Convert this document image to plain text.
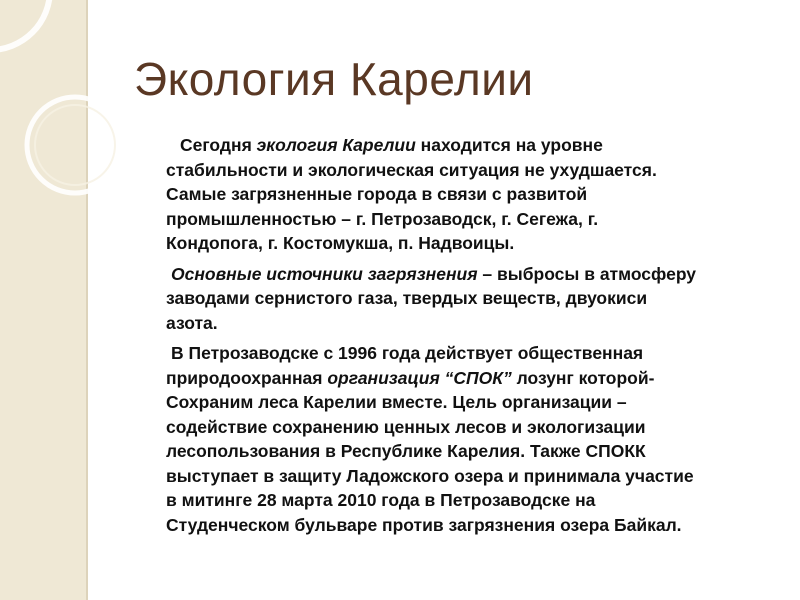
Экология Карелии

Сегодня экология Карелии находится на уровне
стабильности и экологическая ситуация не ухудшается.
Самые загрязненные города в связи с развитой
промышленностью – г. Петрозаводск, г. Сегежа, г.
Кондопога, г. Костомукша, п. Надвоицы.

Основные источники загрязнения – выбросы в атмосферу
заводами сернистого газа, твердых веществ, двуокиси
азота.

В Петрозаводске с 1996 года действует общественная
природоохранная организация “СПОК” лозунг которой-
Сохраним леса Карелии вместе. Цель организации –
содействие сохранению ценных лесов и экологизации
лесопользования в Республике Карелия. Также СПОКК
выступает в защиту Ладожского озера и принимала участие
в митинге 28 марта 2010 года в Петрозаводске на
Студенческом бульваре против загрязнения озера Байкал.
